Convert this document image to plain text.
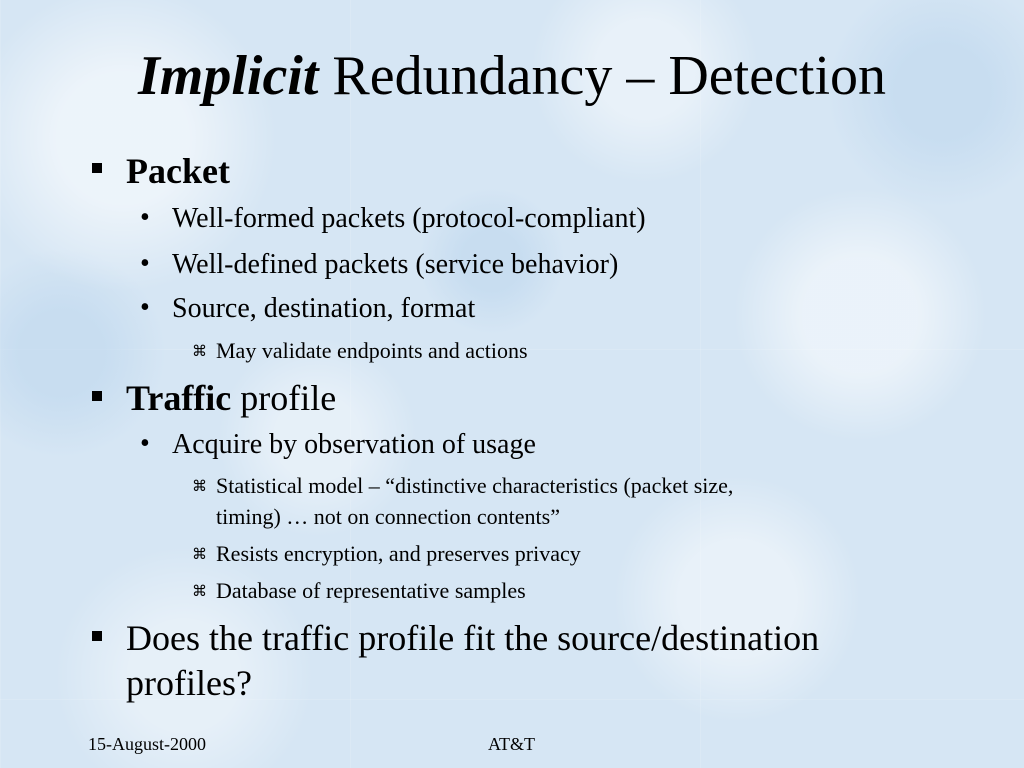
Implicit Redundancy – Detection
Packet
• Well-formed packets (protocol-compliant)
• Well-defined packets (service behavior)
• Source, destination, format
⌘ May validate endpoints and actions
Traffic profile
• Acquire by observation of usage
⌘ Statistical model – “distinctive characteristics (packet size,
timing) … not on connection contents”
⌘ Resists encryption, and preserves privacy
⌘ Database of representative samples
Does the traffic profile fit the source/destination
profiles?
15-August-2000	AT&T
